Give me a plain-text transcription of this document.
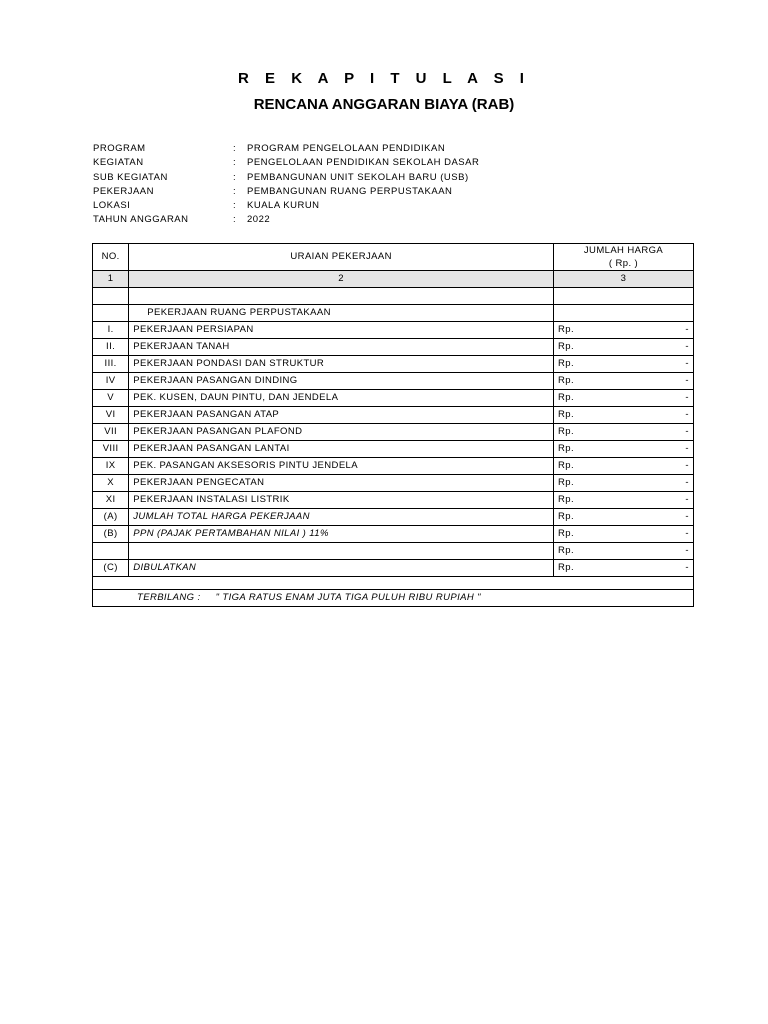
R E K A P I T U L A S I
RENCANA ANGGARAN BIAYA (RAB)
PROGRAM	:	PROGRAM PENGELOLAAN PENDIDIKAN
KEGIATAN	:	PENGELOLAAN PENDIDIKAN SEKOLAH DASAR
SUB KEGIATAN	:	PEMBANGUNAN UNIT SEKOLAH BARU (USB)
PEKERJAAN	:	PEMBANGUNAN RUANG PERPUSTAKAAN
LOKASI	:	KUALA KURUN
TAHUN ANGGARAN	:	2022
NO.	URAIAN PEKERJAAN	JUMLAH HARGA
( Rp. )

1	2	3

	PEKERJAAN RUANG PERPUSTAKAAN	
I.	PEKERJAAN PERSIAPAN	Rp. -

II.	PEKERJAAN TANAH	Rp. -

III.	PEKERJAAN PONDASI DAN STRUKTUR	Rp. -

IV	PEKERJAAN PASANGAN DINDING	Rp. -

V	PEK. KUSEN, DAUN PINTU, DAN JENDELA	Rp. -

VI	PEKERJAAN PASANGAN ATAP	Rp. -

VII	PEKERJAAN PASANGAN PLAFOND	Rp. -

VIII	PEKERJAAN PASANGAN LANTAI	Rp. -

IX	PEK. PASANGAN AKSESORIS PINTU JENDELA	Rp. -

X	PEKERJAAN PENGECATAN	Rp. -

XI	PEKERJAAN INSTALASI LISTRIK	Rp. -

(A)	JUMLAH TOTAL HARGA PEKERJAAN	Rp. -

(B)	PPN (PAJAK PERTAMBAHAN NILAI ) 11%	Rp. -

		Rp. -

(C)	DIBULATKAN	Rp. -

TERBILANG : " TIGA RATUS ENAM JUTA TIGA PULUH RIBU RUPIAH "		
